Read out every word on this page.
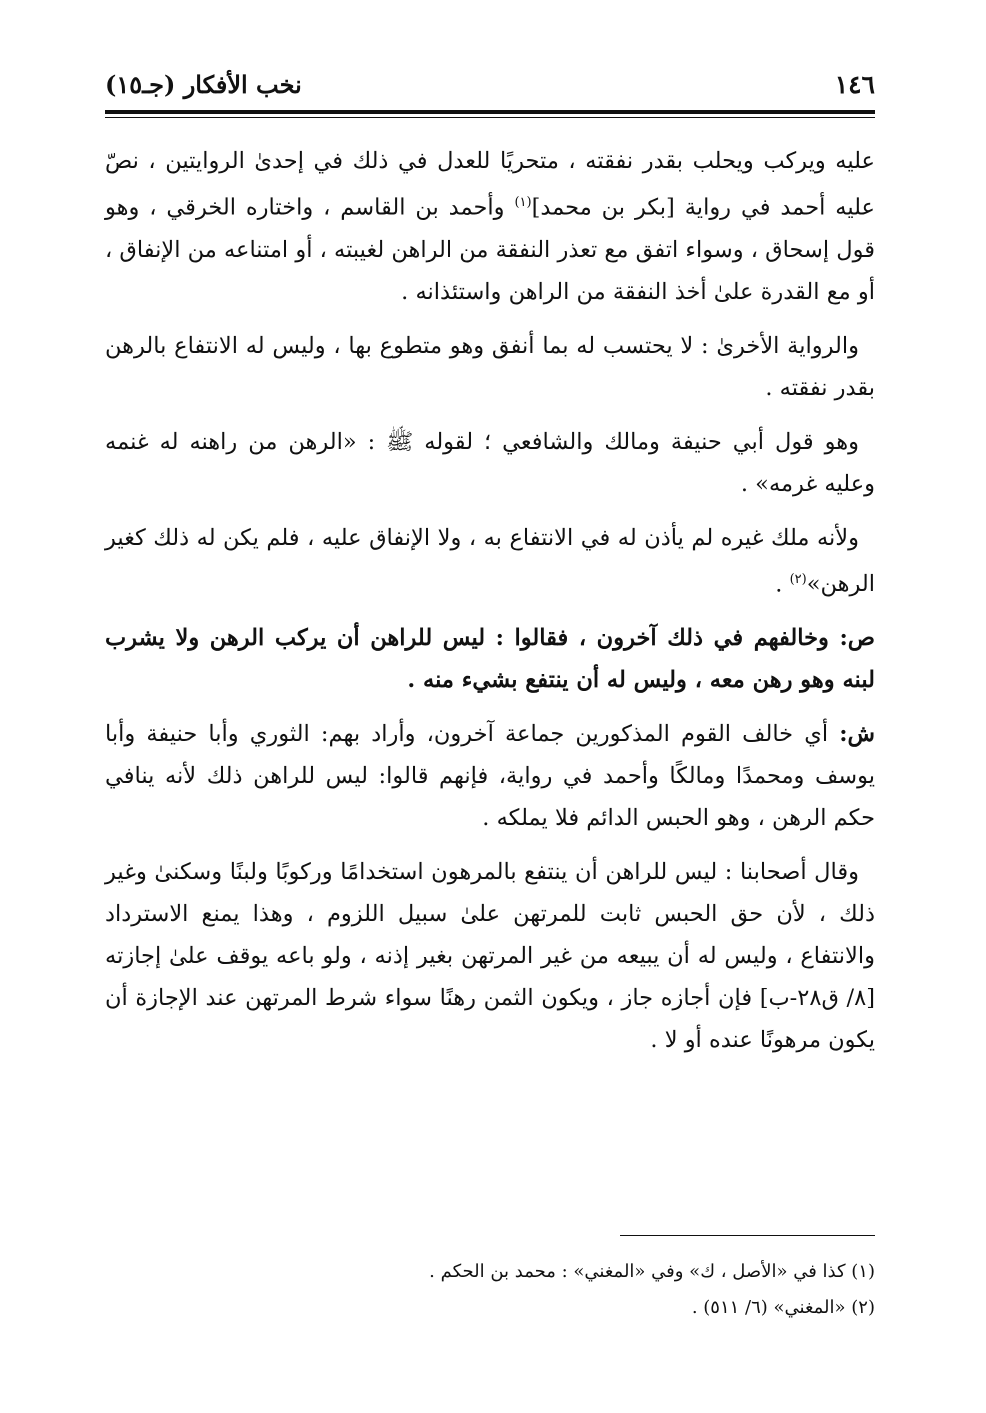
١٤٦
نخب الأفكار (جـ١٥)

عليه ويركب ويحلب بقدر نفقته ، متحريًا للعدل في ذلك في إحدىٰ الروايتين ، نصّ عليه أحمد في رواية [بكر بن محمد]$^{(١)}$ وأحمد بن القاسم ، واختاره الخرقي ، وهو قول إسحاق ، وسواء اتفق مع تعذر النفقة من الراهن لغيبته ، أو امتناعه من الإنفاق ، أو مع القدرة علىٰ أخذ النفقة من الراهن واستئذانه .

والرواية الأخرىٰ : لا يحتسب له بما أنفق وهو متطوع بها ، وليس له الانتفاع بالرهن بقدر نفقته .

وهو قول أبي حنيفة ومالك والشافعي ؛ لقوله ﷺ : «الرهن من راهنه له غنمه وعليه غرمه» .

ولأنه ملك غيره لم يأذن له في الانتفاع به ، ولا الإنفاق عليه ، فلم يكن له ذلك كغير الرهن»$^{(٢)}$ .

ص: وخالفهم في ذلك آخرون ، فقالوا : ليس للراهن أن يركب الرهن ولا يشرب لبنه وهو رهن معه ، وليس له أن ينتفع بشيء منه .

ش: أي خالف القوم المذكورين جماعة آخرون، وأراد بهم: الثوري وأبا حنيفة وأبا يوسف ومحمدًا ومالكًا وأحمد في رواية، فإنهم قالوا: ليس للراهن ذلك لأنه ينافي حكم الرهن ، وهو الحبس الدائم فلا يملكه .

وقال أصحابنا : ليس للراهن أن ينتفع بالمرهون استخدامًا وركوبًا ولبنًا وسكنىٰ وغير ذلك ، لأن حق الحبس ثابت للمرتهن علىٰ سبيل اللزوم ، وهذا يمنع الاسترداد والانتفاع ، وليس له أن يبيعه من غير المرتهن بغير إذنه ، ولو باعه يوقف علىٰ إجازته [٨/ ق٢٨-ب] فإن أجازه جاز ، ويكون الثمن رهنًا سواء شرط المرتهن عند الإجازة أن يكون مرهونًا عنده أو لا .

(١) كذا في «الأصل ، ك» وفي «المغني» : محمد بن الحكم .

(٢) «المغني» (٦/ ٥١١) .
